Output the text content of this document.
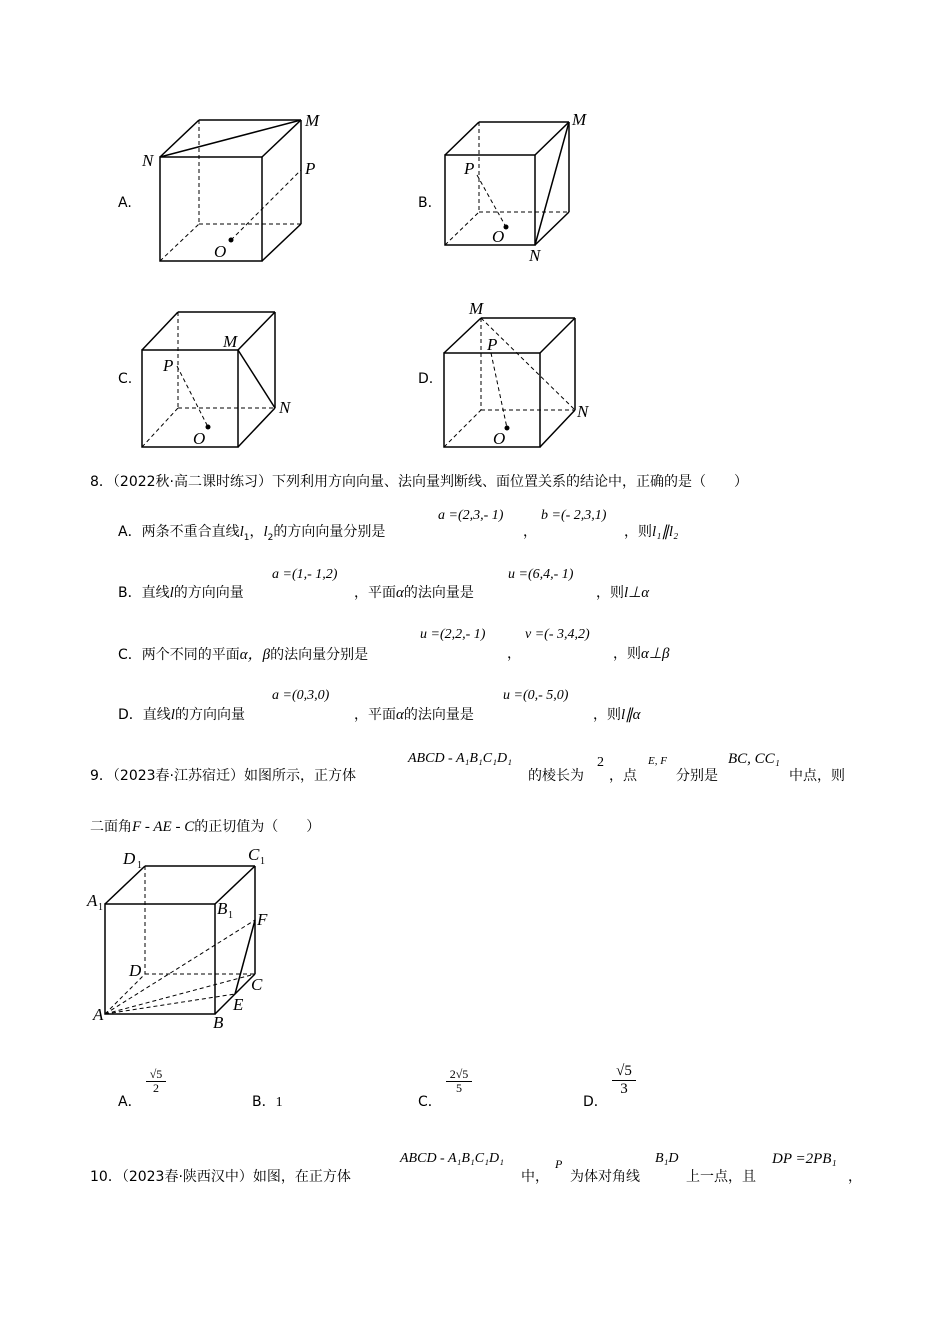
A.
M
N	P
O
B.
M
N
P
O
C.
M
N
P
O
D.
M
N
P
O
8．（2022秋·高二课时练习）下列利用方向向量、法向量判断线、面位置关系的结论中，正确的是（　　）
A．两条不重合直线$l_1$，$l_2$的方向向量分别是
a =(2,3,- 1)
，
b =(- 2,3,1)
，则l₁∥l₂
B．直线l的方向向量
a =(1,- 1,2)
，平面α的法向量是
u =(6,4,- 1)
，则l⊥α
C．两个不同的平面α，β的法向量分别是
u =(2,2,- 1)
，
v =(- 3,4,2)
，则α⊥β
D．直线l的方向向量
a =(0,3,0)
，平面α的法向量是
u =(0,- 5,0)
，则l∥α
9．（2023春·江苏宿迁）如图所示，正方体
ABCD - A₁B₁C₁D₁
的棱长为
2
，点
E, F
分别是
BC, CC₁
中点，则
二面角F - AE - C的正切值为（　　）
D 1
C 1
A 1	B 1 F
D
C
E
A	B
A．
$\frac{√5}{2}$
B．1	C．
$\frac{2√5}{5}$
D．
$\frac{√5}{3}$
10．（2023春·陕西汉中）如图，在正方体
ABCD - A₁B₁C₁D₁
中，
P
为体对角线
B₁D
上一点，且
DP =2PB₁
，
